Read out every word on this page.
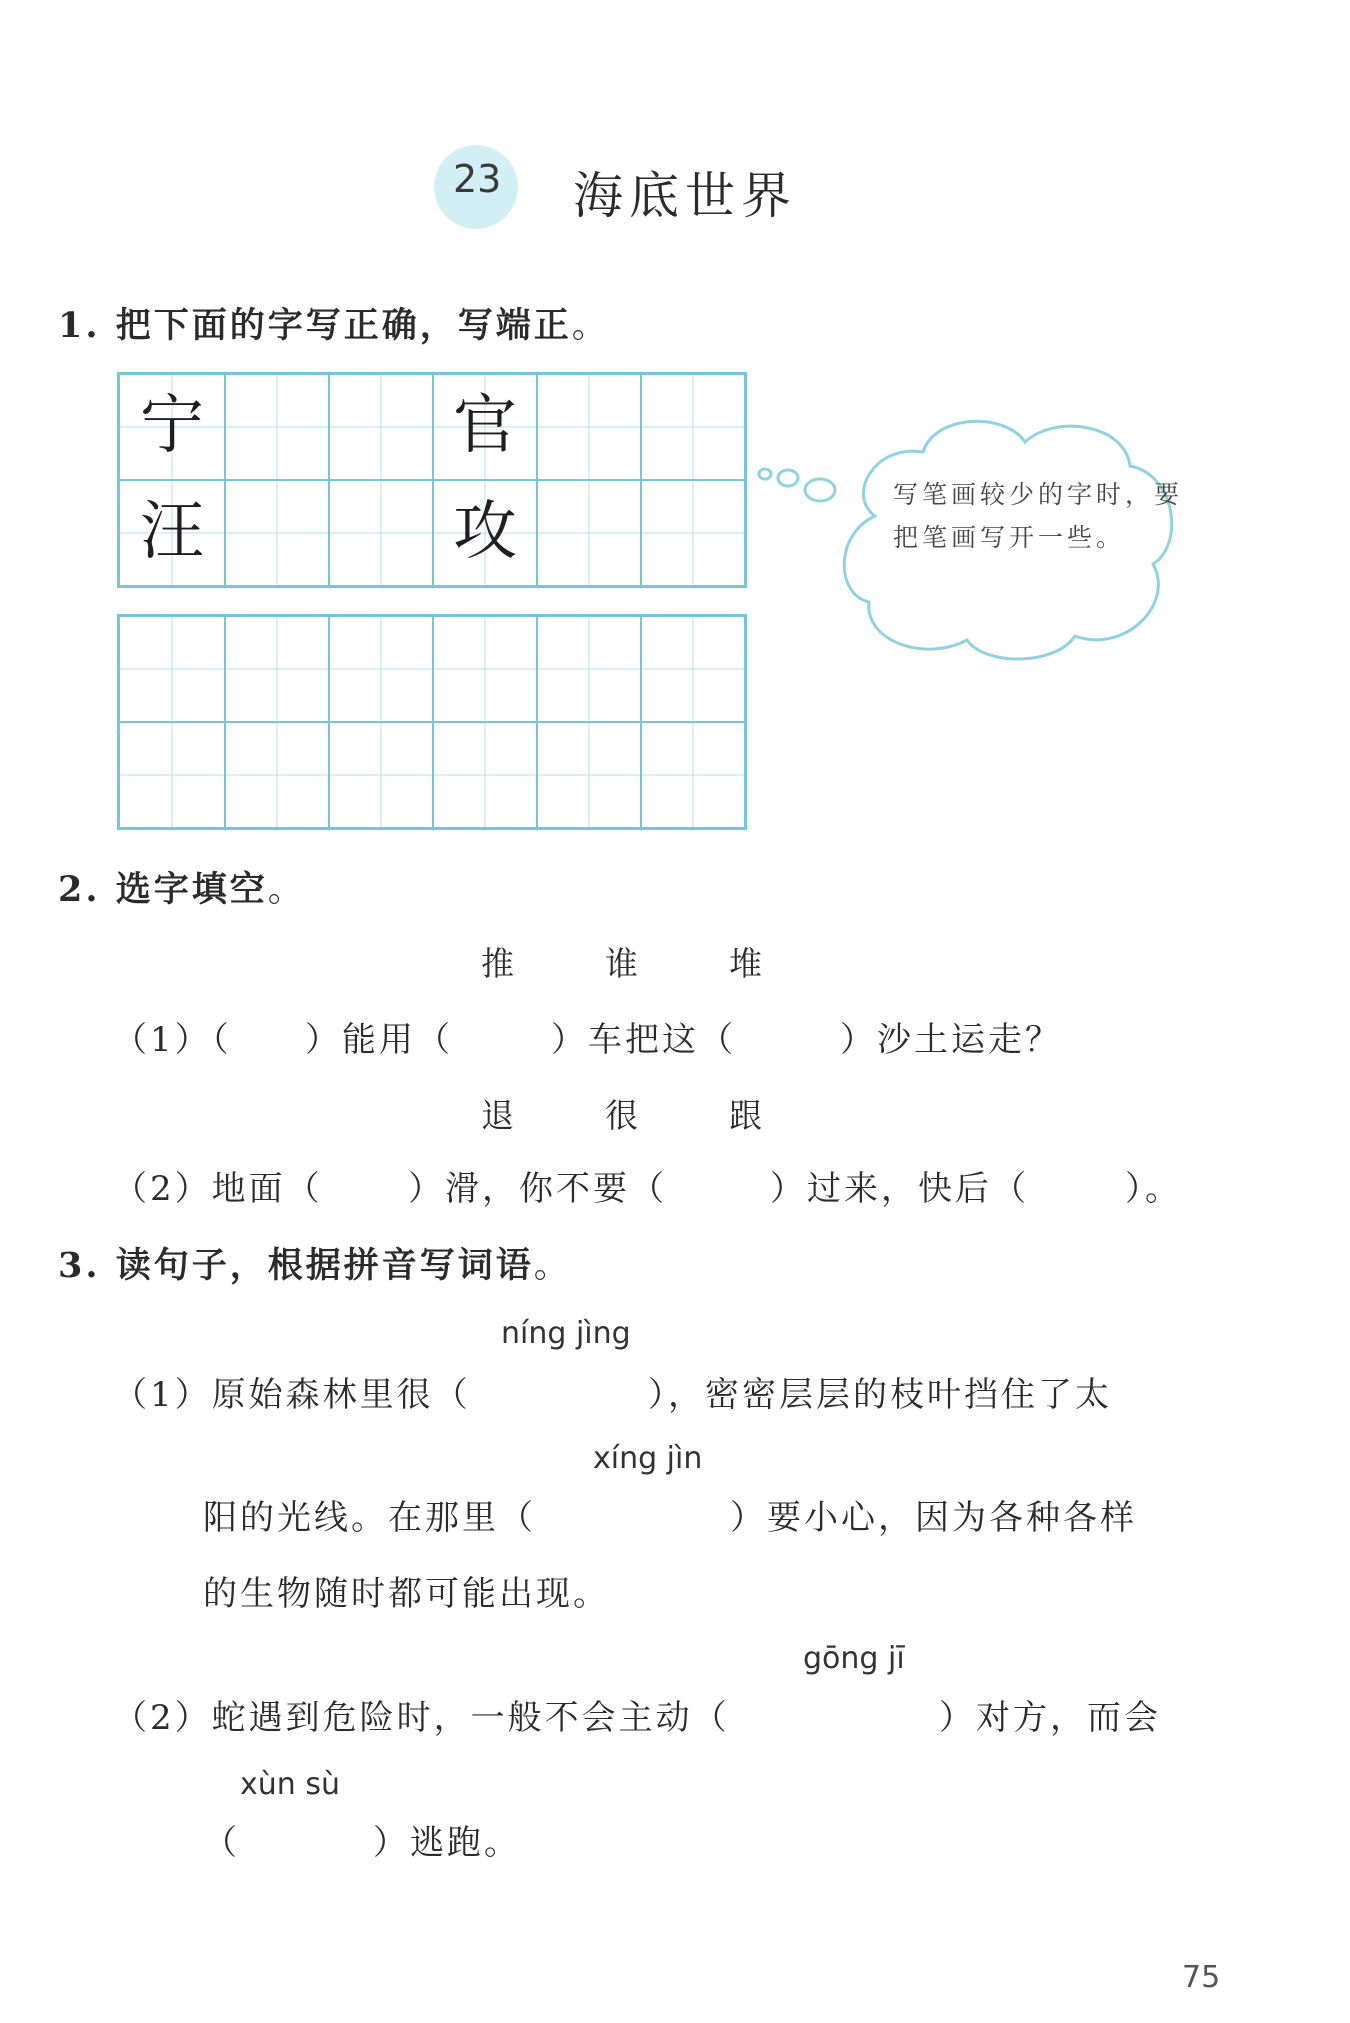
23 海底世界
1. 把下面的字写正确，写端正。
宁	官
汪	攻
写笔画较少的字时，要把笔画写开一些。
2. 选字填空。
推	谁	堆
（1）（ ）能用（	）车把这（	）沙土运走？
退	很	跟
（2）地面（	）滑，你不要（	）过来，快后（	）。
3. 读句子，根据拼音写词语。
níng jìng
（1）原始森林里很（	），密密层层的枝叶挡住了太
xíng jìn
阳的光线。在那里（	）要小心，因为各种各样
的生物随时都可能出现。
gōng jī
（2）蛇遇到危险时，一般不会主动（	）对方，而会
xùn sù
（	）逃跑。
75
